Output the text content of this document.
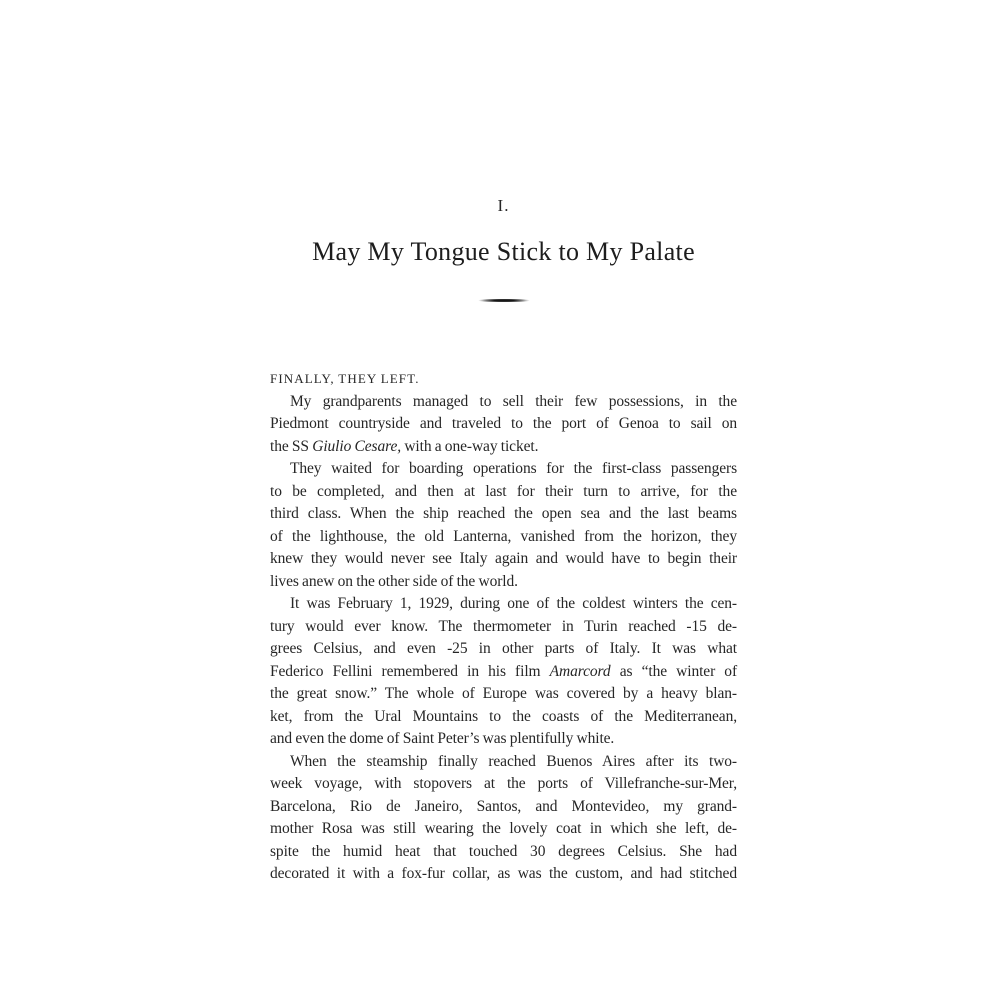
I.
May My Tongue Stick to My Palate
FINALLY, THEY LEFT.
My grandparents managed to sell their few possessions, in the
Piedmont countryside and traveled to the port of Genoa to sail on
the SS Giulio Cesare, with a one-way ticket.
They waited for boarding operations for the first-class passengers
to be completed, and then at last for their turn to arrive, for the
third class. When the ship reached the open sea and the last beams
of the lighthouse, the old Lanterna, vanished from the horizon, they
knew they would never see Italy again and would have to begin their
lives anew on the other side of the world.
It was February 1, 1929, during one of the coldest winters the cen-
tury would ever know. The thermometer in Turin reached -15 de-
grees Celsius, and even -25 in other parts of Italy. It was what
Federico Fellini remembered in his film Amarcord as “the winter of
the great snow.” The whole of Europe was covered by a heavy blan-
ket, from the Ural Mountains to the coasts of the Mediterranean,
and even the dome of Saint Peter’s was plentifully white.
When the steamship finally reached Buenos Aires after its two-
week voyage, with stopovers at the ports of Villefranche-sur-Mer,
Barcelona, Rio de Janeiro, Santos, and Montevideo, my grand-
mother Rosa was still wearing the lovely coat in which she left, de-
spite the humid heat that touched 30 degrees Celsius. She had
decorated it with a fox-fur collar, as was the custom, and had stitched
